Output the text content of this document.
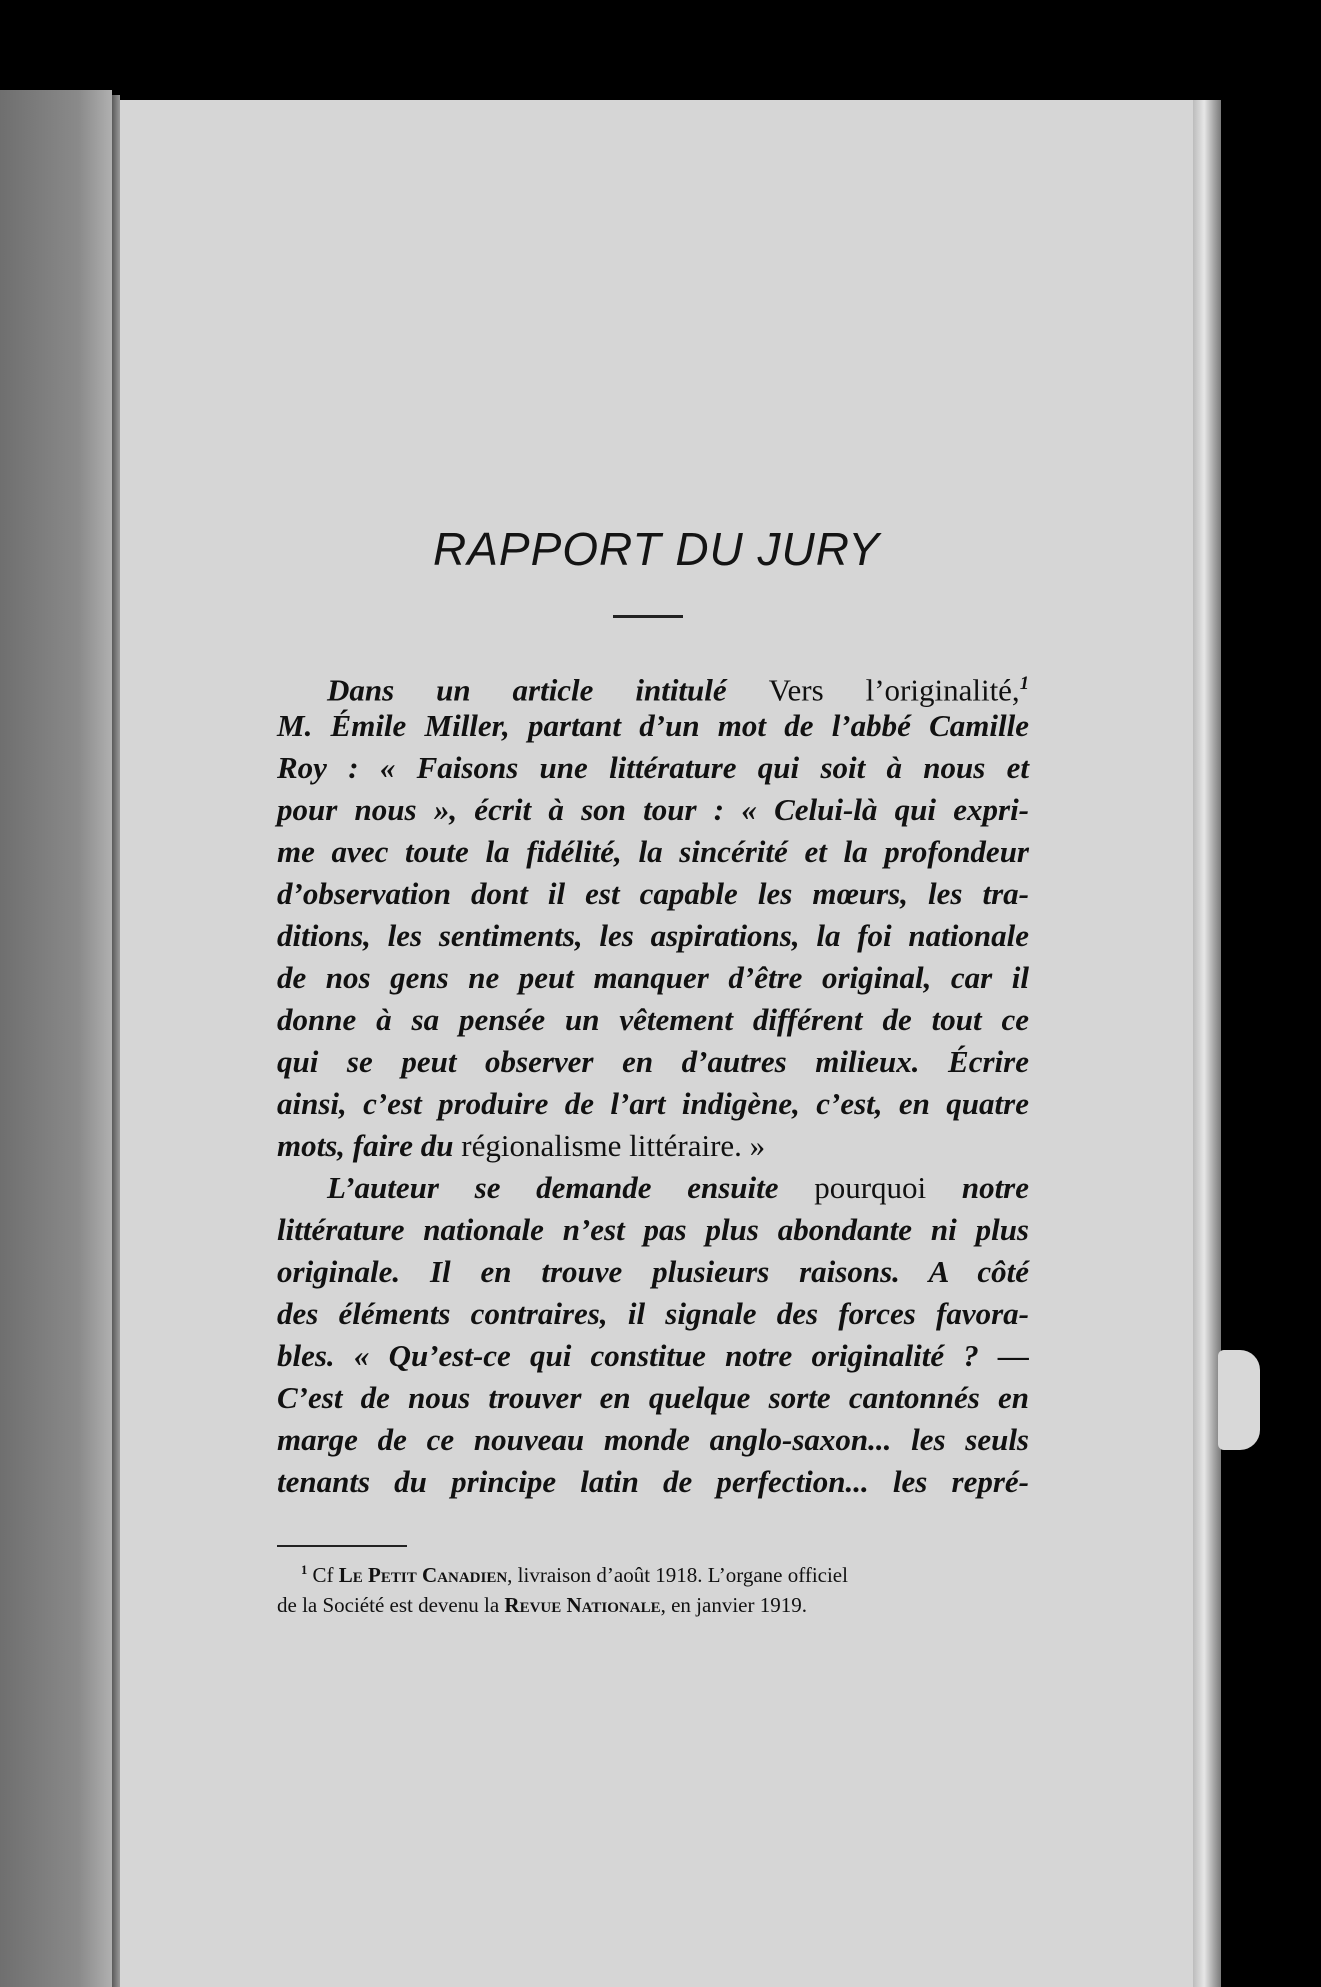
RAPPORT DU JURY
Dans un article intitulé Vers l’originalité,$^1$
M. Émile Miller, partant d’un mot de l’abbé Camille
Roy : « Faisons une littérature qui soit à nous et
pour nous », écrit à son tour : « Celui-là qui expri-
me avec toute la fidélité, la sincérité et la profondeur
d’observation dont il est capable les mœurs, les tra-
ditions, les sentiments, les aspirations, la foi nationale
de nos gens ne peut manquer d’être original, car il
donne à sa pensée un vêtement différent de tout ce
qui se peut observer en d’autres milieux. Écrire
ainsi, c’est produire de l’art indigène, c’est, en quatre
mots, faire du régionalisme littéraire. »
L’auteur se demande ensuite pourquoi notre
littérature nationale n’est pas plus abondante ni plus
originale. Il en trouve plusieurs raisons. A côté
des éléments contraires, il signale des forces favora-
bles. « Qu’est-ce qui constitue notre originalité ? —
C’est de nous trouver en quelque sorte cantonnés en
marge de ce nouveau monde anglo-saxon... les seuls
tenants du principe latin de perfection... les repré-
$^1$ Cf Le Petit Canadien, livraison d’août 1918. L’organe officiel
de la Société est devenu la Revue Nationale, en janvier 1919.
